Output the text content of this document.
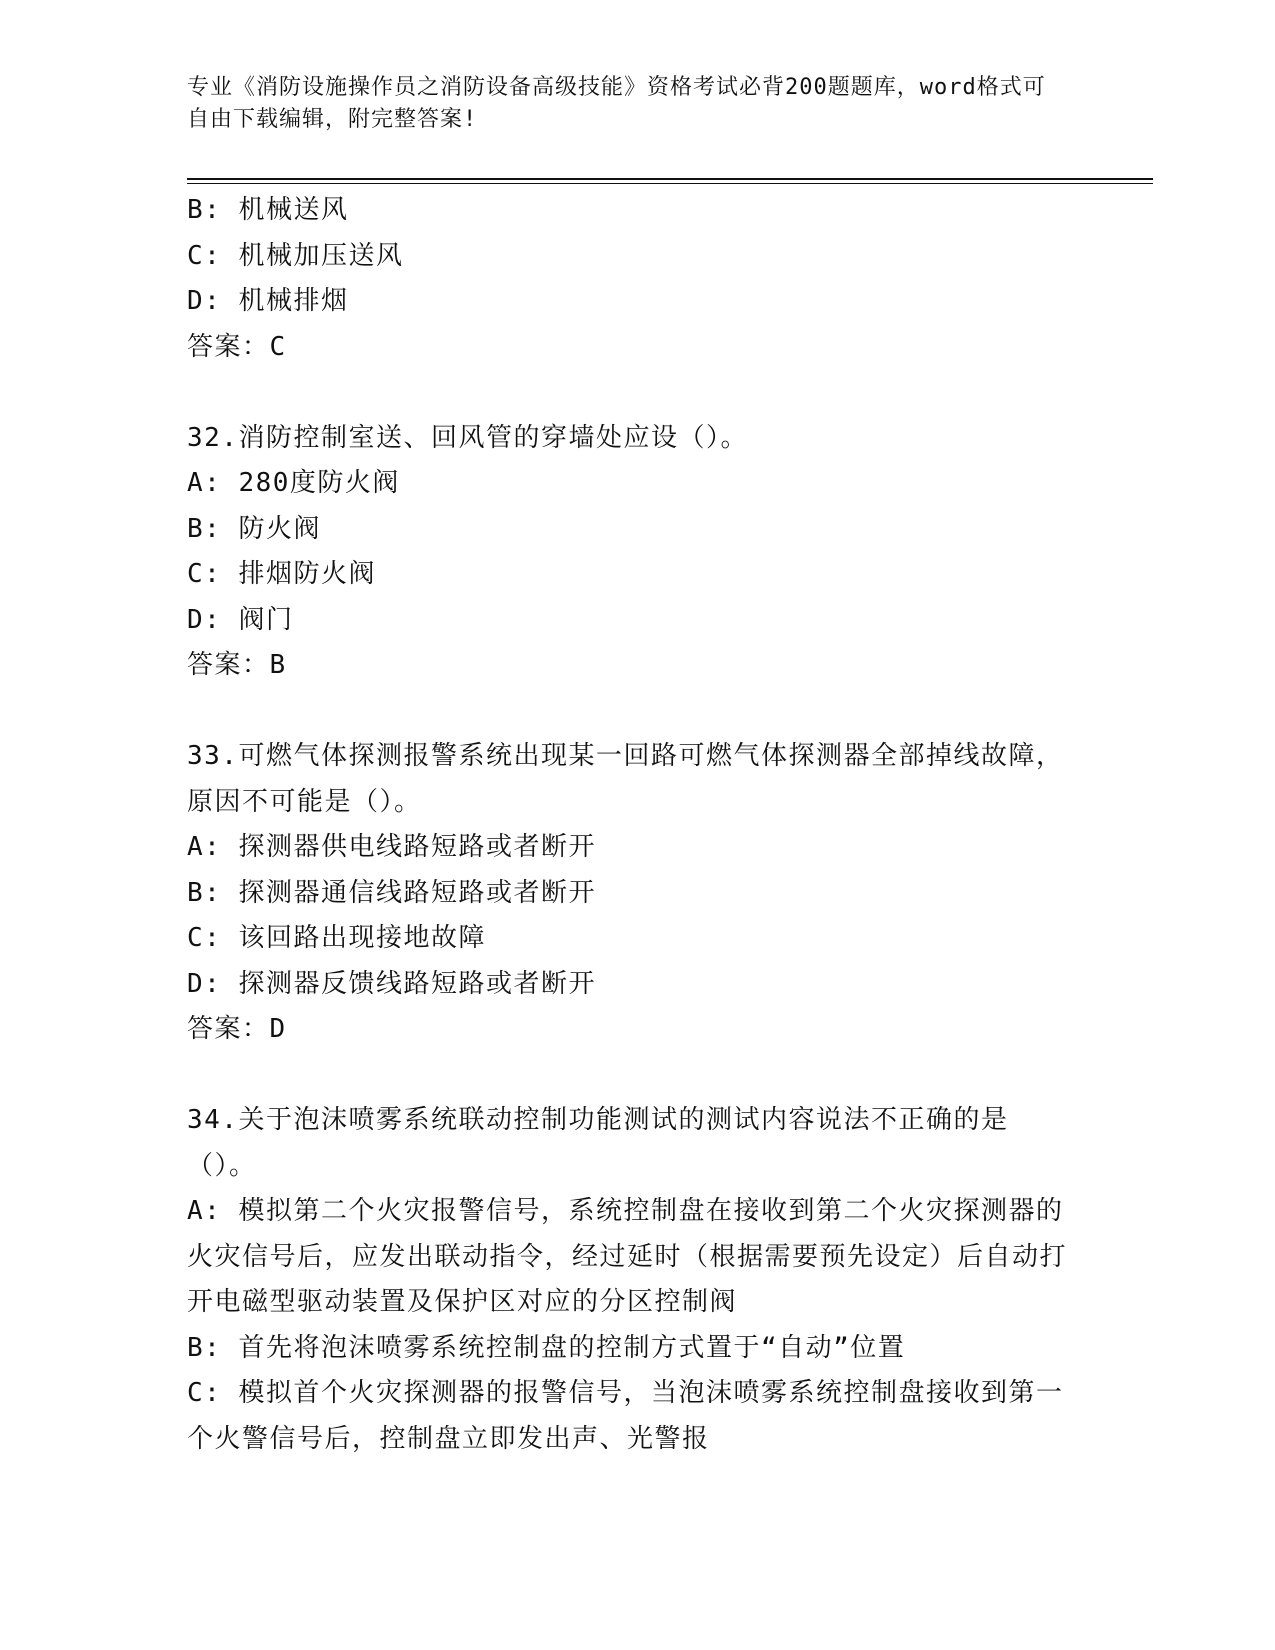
专业《消防设施操作员之消防设备高级技能》资格考试必背200题题库，word格式可自由下载编辑，附完整答案!
B: 机械送风
C: 机械加压送风
D: 机械排烟
答案：C
32.消防控制室送、回风管的穿墙处应设（）。
A: 280度防火阀
B: 防火阀
C: 排烟防火阀
D: 阀门
答案：B
33.可燃气体探测报警系统出现某一回路可燃气体探测器全部掉线故障，原因不可能是（）。
A: 探测器供电线路短路或者断开
B: 探测器通信线路短路或者断开
C: 该回路出现接地故障
D: 探测器反馈线路短路或者断开
答案：D
34.关于泡沫喷雾系统联动控制功能测试的测试内容说法不正确的是（）。
A: 模拟第二个火灾报警信号，系统控制盘在接收到第二个火灾探测器的火灾信号后，应发出联动指令，经过延时（根据需要预先设定）后自动打开电磁型驱动装置及保护区对应的分区控制阀
B: 首先将泡沫喷雾系统控制盘的控制方式置于“自动”位置
C: 模拟首个火灾探测器的报警信号，当泡沫喷雾系统控制盘接收到第一个火警信号后，控制盘立即发出声、光警报
